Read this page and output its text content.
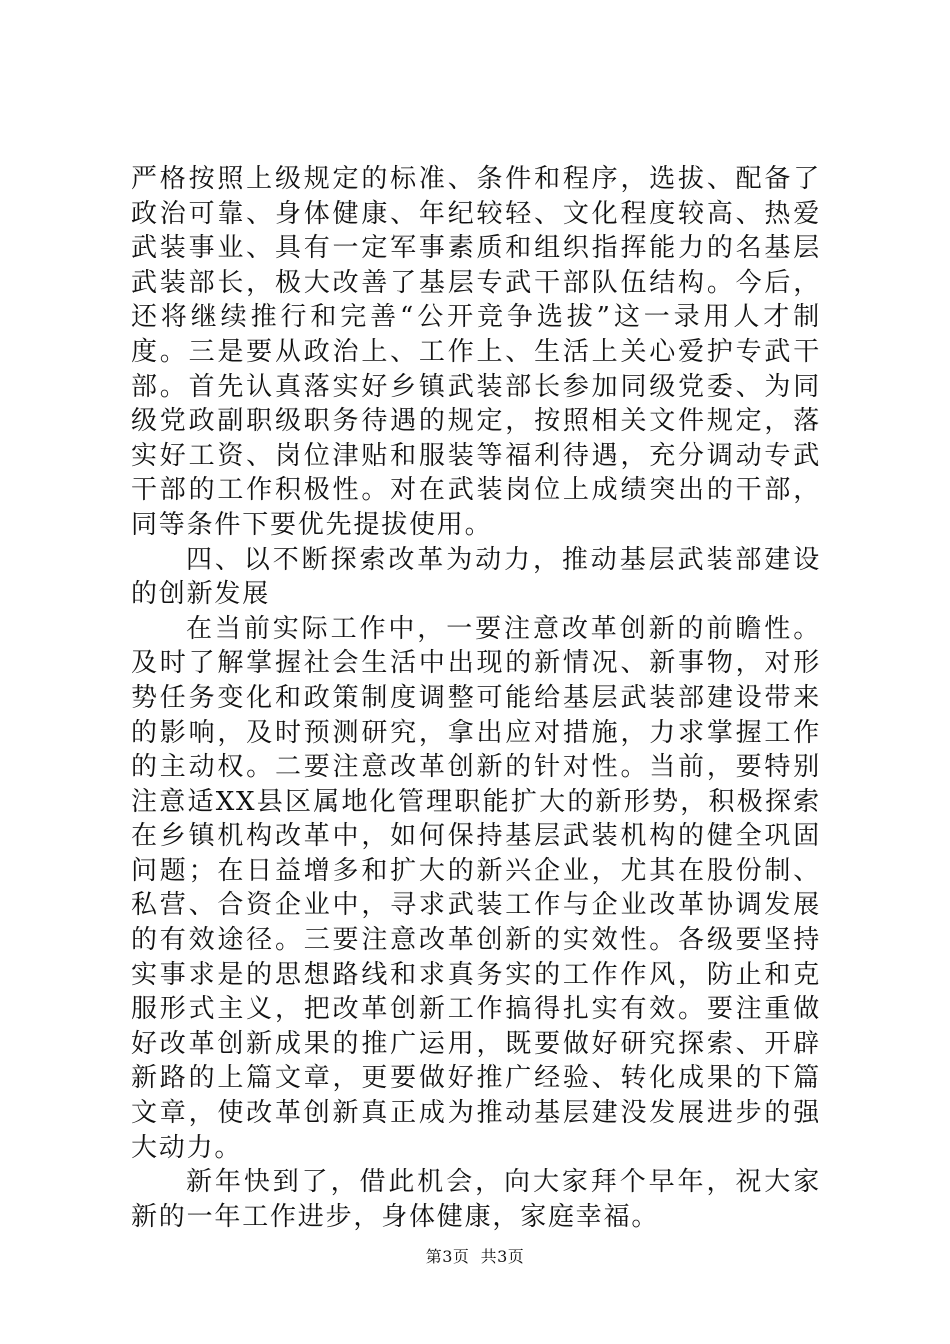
严格按照上级规定的标准、条件和程序，选拔、配备了政治可靠、身体健康、年纪较轻、文化程度较高、热爱武装事业、具有一定军事素质和组织指挥能力的名基层武装部长，极大改善了基层专武干部队伍结构。今后，还将继续推行和完善“公开竞争选拔”这一录用人才制度。三是要从政治上、工作上、生活上关心爱护专武干部。首先认真落实好乡镇武装部长参加同级党委、为同级党政副职级职务待遇的规定，按照相关文件规定，落实好工资、岗位津贴和服装等福利待遇，充分调动专武干部的工作积极性。对在武装岗位上成绩突出的干部，同等条件下要优先提拔使用。

四、以不断探索改革为动力，推动基层武装部建设的创新发展

在当前实际工作中，一要注意改革创新的前瞻性。及时了解掌握社会生活中出现的新情况、新事物，对形势任务变化和政策制度调整可能给基层武装部建设带来的影响，及时预测研究，拿出应对措施，力求掌握工作的主动权。二要注意改革创新的针对性。当前，要特别注意适XX县区属地化管理职能扩大的新形势，积极探索在乡镇机构改革中，如何保持基层武装机构的健全巩固问题；在日益增多和扩大的新兴企业，尤其在股份制、私营、合资企业中，寻求武装工作与企业改革协调发展的有效途径。三要注意改革创新的实效性。各级要坚持实事求是的思想路线和求真务实的工作作风，防止和克服形式主义，把改革创新工作搞得扎实有效。要注重做好改革创新成果的推广运用，既要做好研究探索、开辟新路的上篇文章，更要做好推广经验、转化成果的下篇文章，使改革创新真正成为推动基层建没发展进步的强大动力。

新年快到了，借此机会，向大家拜个早年，祝大家新的一年工作进步，身体健康，家庭幸福。

第3页  共3页
